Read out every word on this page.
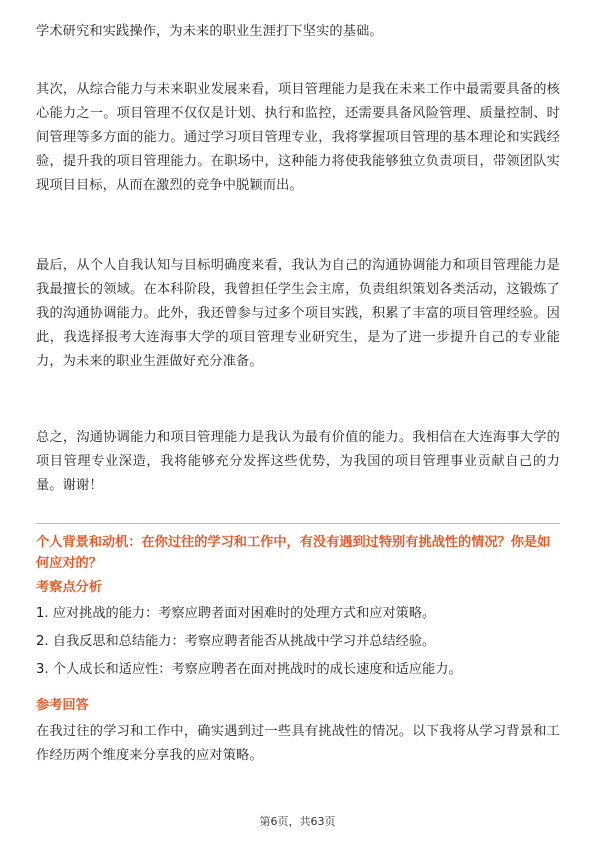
学术研究和实践操作，为未来的职业生涯打下坚实的基础。

其次，从综合能力与未来职业发展来看，项目管理能力是我在未来工作中最需要具备的核心能力之一。项目管理不仅仅是计划、执行和监控，还需要具备风险管理、质量控制、时间管理等多方面的能力。通过学习项目管理专业，我将掌握项目管理的基本理论和实践经验，提升我的项目管理能力。在职场中，这种能力将使我能够独立负责项目，带领团队实现项目目标，从而在激烈的竞争中脱颖而出。

最后，从个人自我认知与目标明确度来看，我认为自己的沟通协调能力和项目管理能力是我最擅长的领域。在本科阶段，我曾担任学生会主席，负责组织策划各类活动，这锻炼了我的沟通协调能力。此外，我还曾参与过多个项目实践，积累了丰富的项目管理经验。因此，我选择报考大连海事大学的项目管理专业研究生，是为了进一步提升自己的专业能力，为未来的职业生涯做好充分准备。

总之，沟通协调能力和项目管理能力是我认为最有价值的能力。我相信在大连海事大学的项目管理专业深造，我将能够充分发挥这些优势，为我国的项目管理事业贡献自己的力量。谢谢！

个人背景和动机：在你过往的学习和工作中，有没有遇到过特别有挑战性的情况？你是如何应对的？

考察点分析

1. 应对挑战的能力：考察应聘者面对困难时的处理方式和应对策略。

2. 自我反思和总结能力：考察应聘者能否从挑战中学习并总结经验。

3. 个人成长和适应性：考察应聘者在面对挑战时的成长速度和适应能力。

参考回答

在我过往的学习和工作中，确实遇到过一些具有挑战性的情况。以下我将从学习背景和工作经历两个维度来分享我的应对策略。

第6页，共63页
